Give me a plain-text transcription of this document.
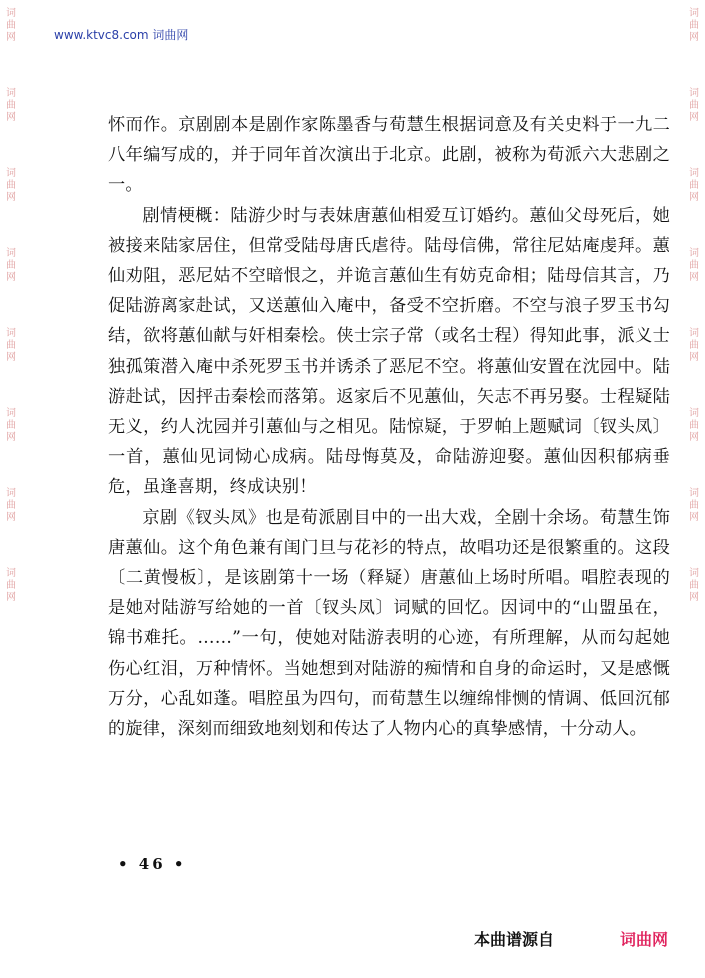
词
曲
网
词
曲
网
词
曲
网
词
曲
网
词
曲
网
词
曲
网
词
曲
网
词
曲
网
词
曲
网
词
曲
网
词
曲
网
词
曲
网
词
曲
网
词
曲
网
词
曲
网
词
曲
网
www.ktvc8.com 词曲网

怀而作。京剧剧本是剧作家陈墨香与荀慧生根据词意及有关史料于一九二八年编写成的，并于同年首次演出于北京。此剧，被称为荀派六大悲剧之一。

剧情梗概：陆游少时与表妹唐蕙仙相爱互订婚约。蕙仙父母死后，她被接来陆家居住，但常受陆母唐氏虐待。陆母信佛，常往尼姑庵虔拜。蕙仙劝阻，恶尼姑不空暗恨之，并诡言蕙仙生有妨克命相；陆母信其言，乃促陆游离家赴试，又送蕙仙入庵中，备受不空折磨。不空与浪子罗玉书勾结，欲将蕙仙献与奸相秦桧。侠士宗子常（或名士程）得知此事，派义士独孤策潜入庵中杀死罗玉书并诱杀了恶尼不空。将蕙仙安置在沈园中。陆游赴试，因抨击秦桧而落第。返家后不见蕙仙，矢志不再另娶。士程疑陆无义，约人沈园并引蕙仙与之相见。陆惊疑，于罗帕上题赋词〔钗头凤〕一首，蕙仙见词恸心成病。陆母悔莫及，命陆游迎娶。蕙仙因积郁病垂危，虽逢喜期，终成诀别！

京剧《钗头凤》也是荀派剧目中的一出大戏，全剧十余场。荀慧生饰唐蕙仙。这个角色兼有闺门旦与花衫的特点，故唱功还是很繁重的。这段〔二黄慢板〕，是该剧第十一场（释疑）唐蕙仙上场时所唱。唱腔表现的是她对陆游写给她的一首〔钗头凤〕词赋的回忆。因词中的“山盟虽在，锦书难托。……”一句，使她对陆游表明的心迹，有所理解，从而勾起她伤心红泪，万种情怀。当她想到对陆游的痴情和自身的命运时，又是感慨万分，心乱如蓬。唱腔虽为四句，而荀慧生以缠绵悱恻的情调、低回沉郁的旋律，深刻而细致地刻划和传达了人物内心的真挚感情，十分动人。

• 46 •
本曲谱源自	词曲网
